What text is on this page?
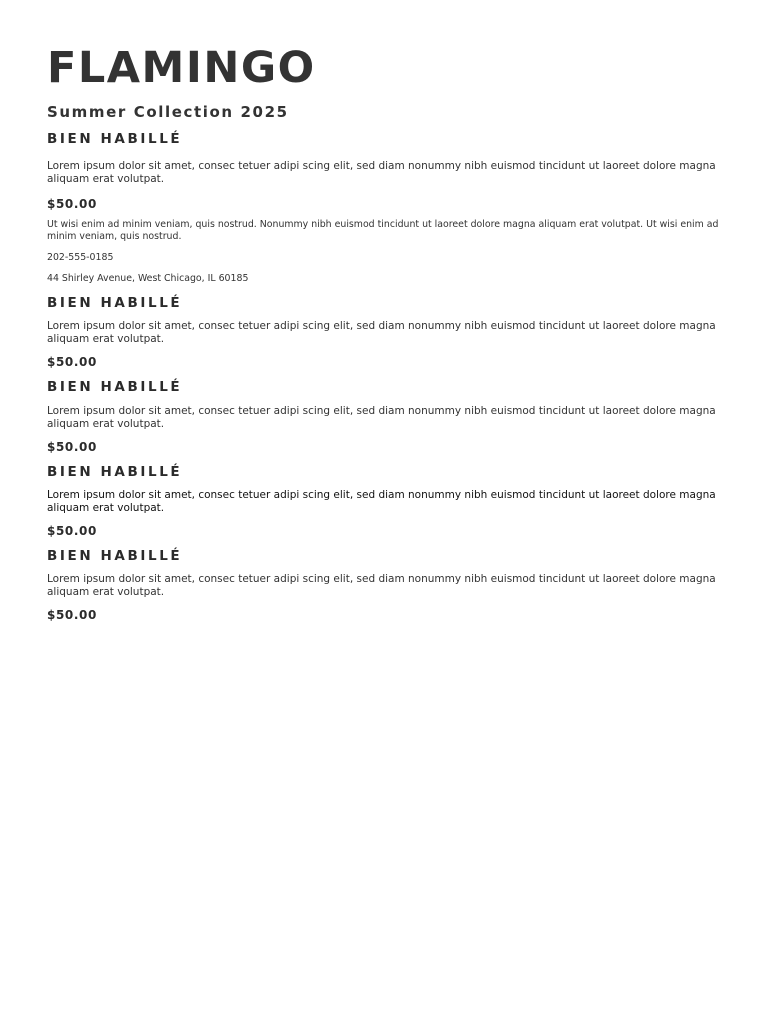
FLAMINGO
Summer Collection 2025
BIEN HABILLÉ

Lorem ipsum dolor sit amet, consec tetuer adipi scing elit, sed diam nonummy nibh euismod tincidunt ut laoreet dolore magna aliquam erat volutpat.

$50.00

Ut wisi enim ad minim veniam, quis nostrud. Nonummy nibh euismod tincidunt ut laoreet dolore magna aliquam erat volutpat. Ut wisi enim ad minim veniam, quis nostrud.

202-555-0185

44 Shirley Avenue, West Chicago, IL 60185

BIEN HABILLÉ

Lorem ipsum dolor sit amet, consec tetuer adipi scing elit, sed diam nonummy nibh euismod tincidunt ut laoreet dolore magna aliquam erat volutpat.

$50.00

BIEN HABILLÉ

Lorem ipsum dolor sit amet, consec tetuer adipi scing elit, sed diam nonummy nibh euismod tincidunt ut laoreet dolore magna aliquam erat volutpat.

$50.00

BIEN HABILLÉ

Lorem ipsum dolor sit amet, consec tetuer adipi scing elit, sed diam nonummy nibh euismod tincidunt ut laoreet dolore magna aliquam erat volutpat.

$50.00

BIEN HABILLÉ

Lorem ipsum dolor sit amet, consec tetuer adipi scing elit, sed diam nonummy nibh euismod tincidunt ut laoreet dolore magna aliquam erat volutpat.

$50.00
